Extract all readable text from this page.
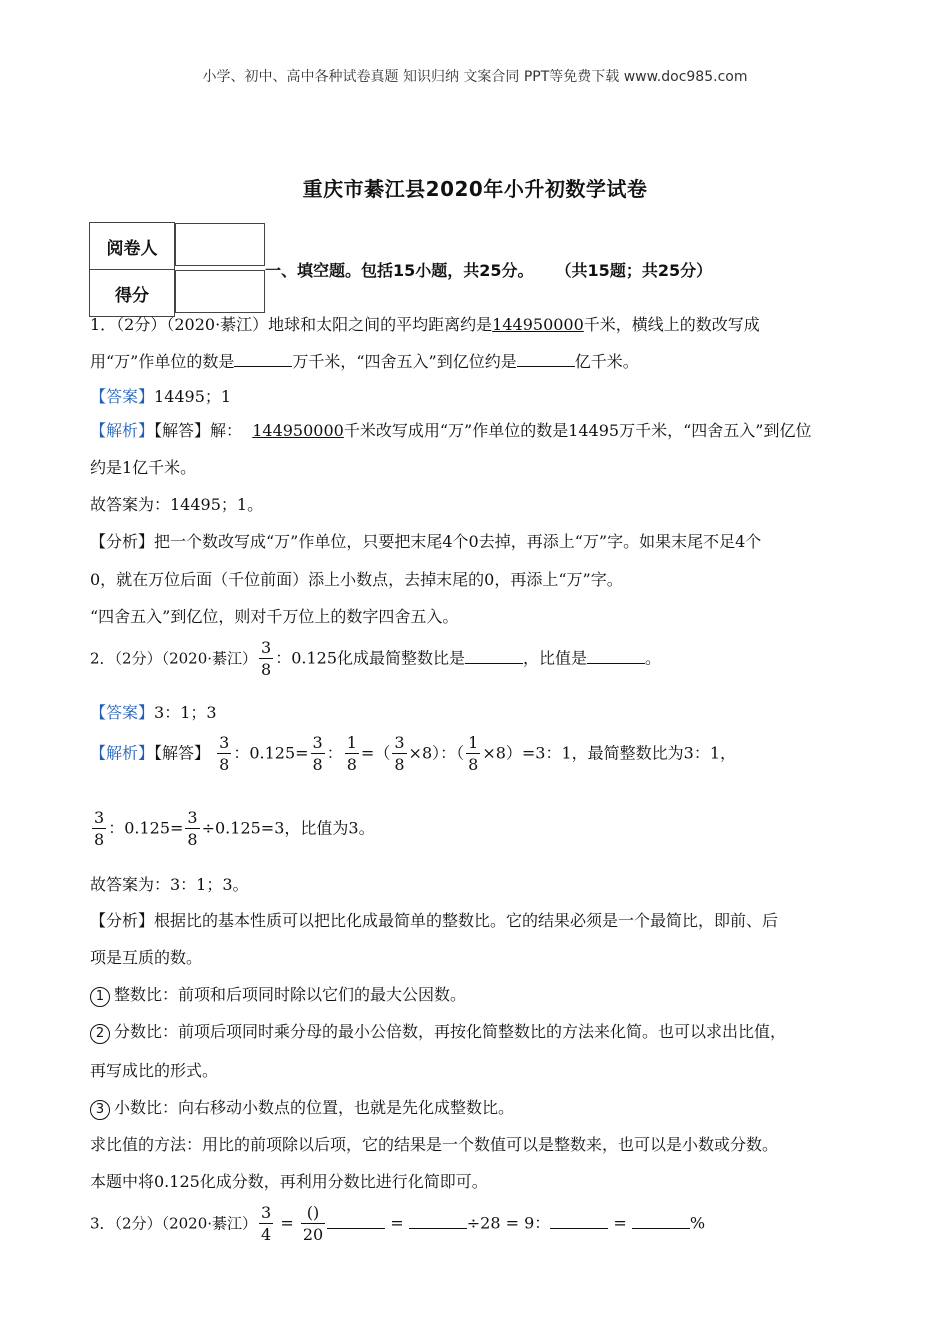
小学、初中、高中各种试卷真题 知识归纳 文案合同 PPT等免费下载 www.doc985.com
重庆市綦江县2020年小升初数学试卷
阅卷人	
得分	
一、填空题。包括15小题，共25分。 （共15题；共25分）
1．（2分）（2020·綦江）地球和太阳之间的平均距离约是144950000千米，横线上的数改写成
用“万”作单位的数是	万千米，“四舍五入”到亿位约是	亿千米。
【答案】14495；1
【解析】【解答】解： 144950000千米改写成用“万”作单位的数是14495万千米，“四舍五入”到亿位
约是1亿千米。
故答案为：14495；1。
【分析】把一个数改写成“万”作单位，只要把末尾4个0去掉，再添上“万”字。如果末尾不足4个
0，就在万位后面（千位前面）添上小数点，去掉末尾的0，再添上“万”字。
“四舍五入”到亿位，则对千万位上的数字四舍五入。
2．（2分）（2020·綦江） $\frac{3}{8}$ ：0.125化成最简整数比是	，比值是	。
【答案】3：1；3
【解析】【解答】 $\frac{3}{8}$ ：$0.125= \frac{3}{8}$ ： $\frac{1}{8}$ =（ $\frac{3}{8} \times 8$）：（ $\frac{1}{8} \times 8)=3$：1，最简整数比为3：1，
$\frac{3}{8}$ ：$0.125= \frac{3}{8} \div 0.125=3$，比值为3。
故答案为：3：1；3。
【分析】根据比的基本性质可以把比化成最简单的整数比。它的结果必须是一个最简比，即前、后
项是互质的数。
1 整数比：前项和后项同时除以它们的最大公因数。
2 分数比：前项后项同时乘分母的最小公倍数，再按化简整数比的方法来化简。也可以求出比值，
再写成比的形式。
3 小数比：向右移动小数点的位置，也就是先化成整数比。
求比值的方法：用比的前项除以后项，它的结果是一个数值可以是整数来，也可以是小数或分数。
本题中将0.125化成分数，再利用分数比进行化简即可。
3．（2分）（2020·綦江） $\frac{3}{4} = \frac{()}{20}$	=	÷28 = 9：	=	%
